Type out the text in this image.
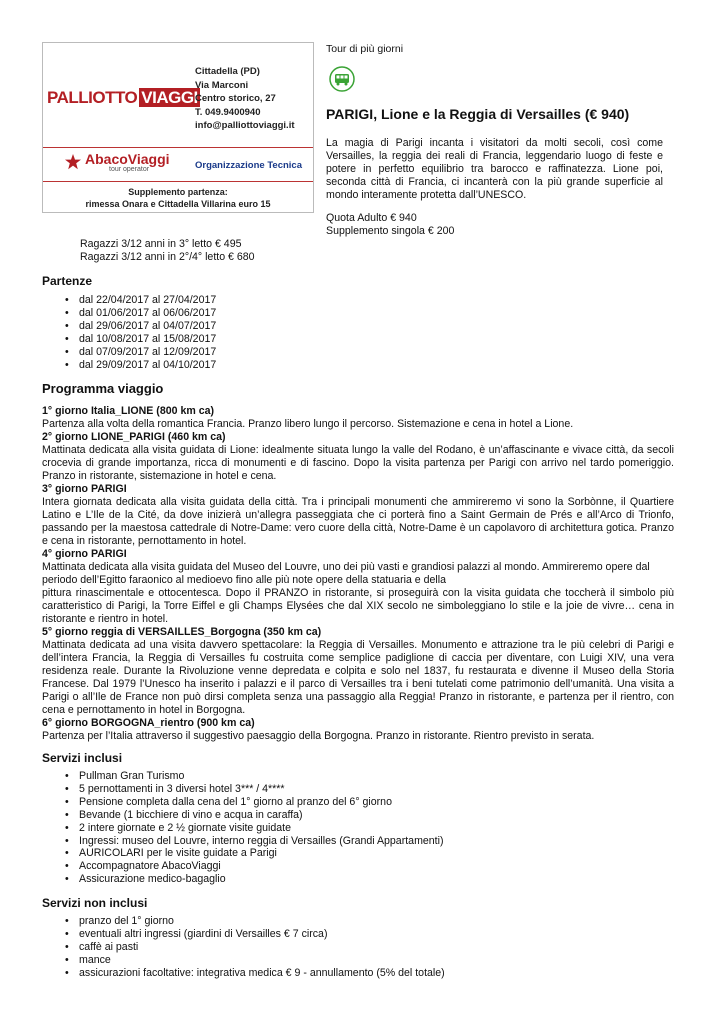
PALLIOTTO VIAGGI
Cittadella (PD)
Via Marconi
Centro storico, 27
T. 049.9400940
info@palliottoviaggi.it
AbacoViaggi
tour operator	Organizzazione Tecnica
Supplemento partenza:
rimessa Onara e Cittadella Villarina euro 15
Tour di più giorni
PARIGI, Lione e la Reggia di Versailles (€ 940)

La magia di Parigi incanta i visitatori da molti secoli, così come Versailles, la reggia dei reali di Francia, leggendario luogo di feste e potere in perfetto equilibrio tra barocco e raffinatezza. Lione poi, seconda città di Francia, ci incanterà con la più grande superficie al mondo interamente protetta dall’UNESCO.

Quota Adulto € 940
Supplemento singola € 200
Ragazzi 3/12 anni in 3° letto € 495
Ragazzi 3/12 anni in 2°/4° letto € 680
Partenze
• dal 22/04/2017 al 27/04/2017
• dal 01/06/2017 al 06/06/2017
• dal 29/06/2017 al 04/07/2017
• dal 10/08/2017 al 15/08/2017
• dal 07/09/2017 al 12/09/2017
• dal 29/09/2017 al 04/10/2017
Programma viaggio
1° giorno Italia_LIONE (800 km ca)

Partenza alla volta della romantica Francia. Pranzo libero lungo il percorso. Sistemazione e cena in hotel a Lione.

2° giorno LIONE_PARIGI (460 km ca)

Mattinata dedicata alla visita guidata di Lione: idealmente situata lungo la valle del Rodano, è un’affascinante e vivace città, da secoli crocevia di grande importanza, ricca di monumenti e di fascino. Dopo la visita partenza per Parigi con arrivo nel tardo pomeriggio. Pranzo in ristorante, sistemazione in hotel e cena.

3° giorno PARIGI

Intera giornata dedicata alla visita guidata della città. Tra i principali monumenti che ammireremo vi sono la Sorbònne, il Quartiere Latino e L’Ile de la Cité, da dove inizierà un’allegra passeggiata che ci porterà fino a Saint Germain de Prés e all’Arco di Trionfo, passando per la maestosa cattedrale di Notre-Dame: vero cuore della città, Notre-Dame è un capolavoro di architettura gotica. Pranzo e cena in ristorante, pernottamento in hotel.

4° giorno PARIGI

Mattinata dedicata alla visita guidata del Museo del Louvre, uno dei più vasti e grandiosi palazzi al mondo. Ammireremo opere dal periodo dell’Egitto faraonico al medioevo fino alle più note opere della statuaria e della

pittura rinascimentale e ottocentesca. Dopo il PRANZO in ristorante, si proseguirà con la visita guidata che toccherà il simbolo più caratteristico di Parigi, la Torre Eiffel e gli Champs Elysées che dal XIX secolo ne simboleggiano lo stile e la joie de vivre… cena in ristorante e rientro in hotel.

5° giorno reggia di VERSAILLES_Borgogna (350 km ca)

Mattinata dedicata ad una visita davvero spettacolare: la Reggia di Versailles. Monumento e attrazione tra le più celebri di Parigi e dell’intera Francia, la Reggia di Versailles fu costruita come semplice padiglione di caccia per diventare, con Luigi XIV, una vera residenza reale. Durante la Rivoluzione venne depredata e colpita e solo nel 1837, fu restaurata e divenne il Museo della Storia Francese. Dal 1979 l’Unesco ha inserito i palazzi e il parco di Versailles tra i beni tutelati come patrimonio dell’umanità. Una visita a Parigi o all’Ile de France non può dirsi completa senza una passaggio alla Reggia! Pranzo in ristorante, e partenza per il rientro, con cena e pernottamento in hotel in Borgogna.

6° giorno BORGOGNA_rientro (900 km ca)

Partenza per l’Italia attraverso il suggestivo paesaggio della Borgogna. Pranzo in ristorante. Rientro previsto in serata.

Servizi inclusi
• Pullman Gran Turismo
• 5 pernottamenti in 3 diversi hotel 3*** / 4****
• Pensione completa dalla cena del 1° giorno al pranzo del 6° giorno
• Bevande (1 bicchiere di vino e acqua in caraffa)
• 2 intere giornate e 2 ½ giornate visite guidate
• Ingressi: museo del Louvre, interno reggia di Versailles (Grandi Appartamenti)
• AURICOLARI per le visite guidate a Parigi
• Accompagnatore AbacoViaggi
• Assicurazione medico-bagaglio
Servizi non inclusi
• pranzo del 1° giorno
• eventuali altri ingressi (giardini di Versailles € 7 circa)
• caffè ai pasti
• mance
• assicurazioni facoltative: integrativa medica € 9 - annullamento (5% del totale)
